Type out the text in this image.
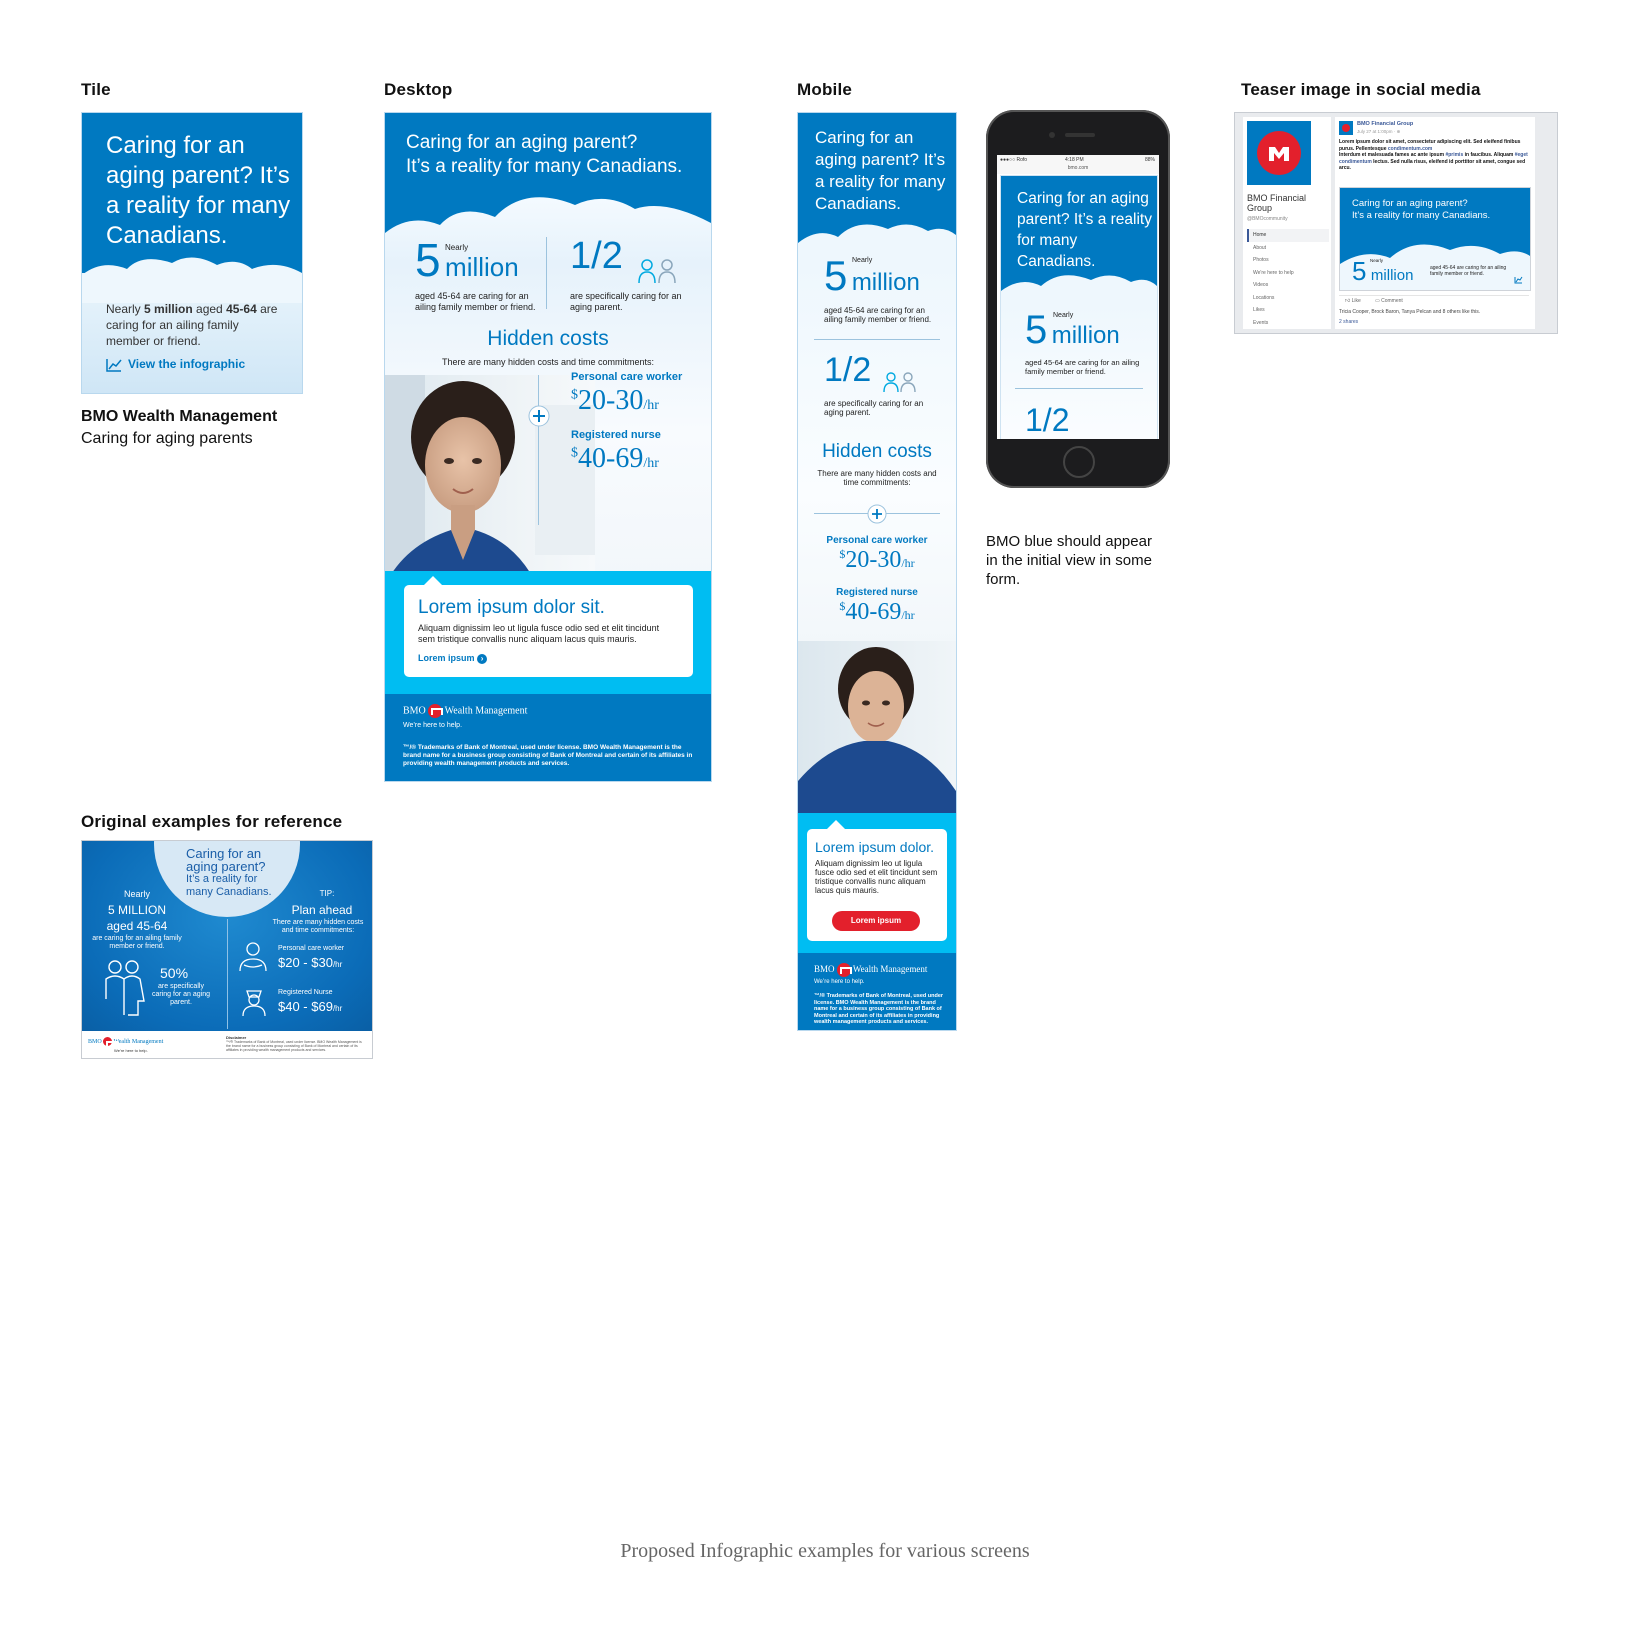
Tile	Desktop	Mobile	Teaser image in social media
Original examples for reference
Caring for an aging parent? It’s a reality for many Canadians.
Nearly 5 million aged 45-64 are caring for an ailing family member or friend.
View the infographic
BMO Wealth Management
Caring for aging parents
Caring for an aging parent?
It’s a reality for many Canadians.
5 Nearly
million
aged 45-64 are caring for an ailing family member or friend.
1/2
are specifically caring for an aging parent.
Hidden costs
There are many hidden costs and time commitments:
Personal care worker
$20-30/hr
Registered nurse
$40-69/hr
Lorem ipsum dolor sit.
Aliquam dignissim leo ut ligula fusce odio sed et elit tincidunt sem tristique convallis nunc aliquam lacus quis mauris.
Lorem ipsum ›
BMO Wealth Management
We’re here to help.
™/® Trademarks of Bank of Montreal, used under license. BMO Wealth Management is the brand name for a business group consisting of Bank of Montreal and certain of its affiliates in providing wealth management products and services.
Caring for an aging parent? It’s a reality for many Canadians.
5 Nearly
million
aged 45-64 are caring for an ailing family member or friend.
1/2
are specifically caring for an aging parent.
Hidden costs
There are many hidden costs and time commitments:
Personal care worker
$20-30/hr
Registered nurse
$40-69/hr
Lorem ipsum dolor.
Aliquam dignissim leo ut ligula fusce odio sed et elit tincidunt sem tristique convallis nunc aliquam lacus quis mauris.
Lorem ipsum
BMO Wealth Management
We’re here to help.
™/® Trademarks of Bank of Montreal, used under license. BMO Wealth Management is the brand name for a business group consisting of Bank of Montreal and certain of its affiliates in providing wealth management products and services.
●●●○○ Rofo	4:18 PM	88%
bmo.com
Caring for an aging parent? It’s a reality for many Canadians.
5 Nearly
million
aged 45-64 are caring for an ailing family member or friend.
1/2
BMO blue should appear in the initial view in some form.
BMO Financial Group
@BMOcommunity
Home
About
Photos
We're here to help
Videos
Locations
Likes
Events
BMO Financial Group
July 27 at 1:00pm · ⊕
Lorem ipsum dolor sit amet, consectetur adipiscing elit. Sed eleifend finibus purus. Pellentesque condimentum.com
Interdum et malesuada fames ac ante ipsum #primis in faucibus. Aliquam #eget condimentum lectus. Sed nulla risus, eleifend id porttitor sit amet, congue sed arcu.
Caring for an aging parent?
It’s a reality for many Canadians.
5 Nearly
million	aged 45-64 are caring for an ailing family member or friend.
👍︎ Like	▭ Comment
Tricia Cooper, Brock Baron, Tanya Pelcan and 8 others like this.
2 shares
Caring for an
aging parent?
It’s a reality for
many Canadians.
Nearly
5 MILLION
aged 45-64
are caring for an ailing family member or friend.
50%
are specifically caring for an aging parent.
TIP:
Plan ahead
There are many hidden costs and time commitments:
Personal care worker
$20 - $30/hr
Registered Nurse
$40 - $69/hr
BMO Wealth Management
We’re here to help.
Disclaimer
™/® Trademarks of Bank of Montreal, used under license. BMO Wealth Management is the brand name for a business group consisting of Bank of Montreal and certain of its affiliates in providing wealth management products and services.
Proposed Infographic examples for various screens
